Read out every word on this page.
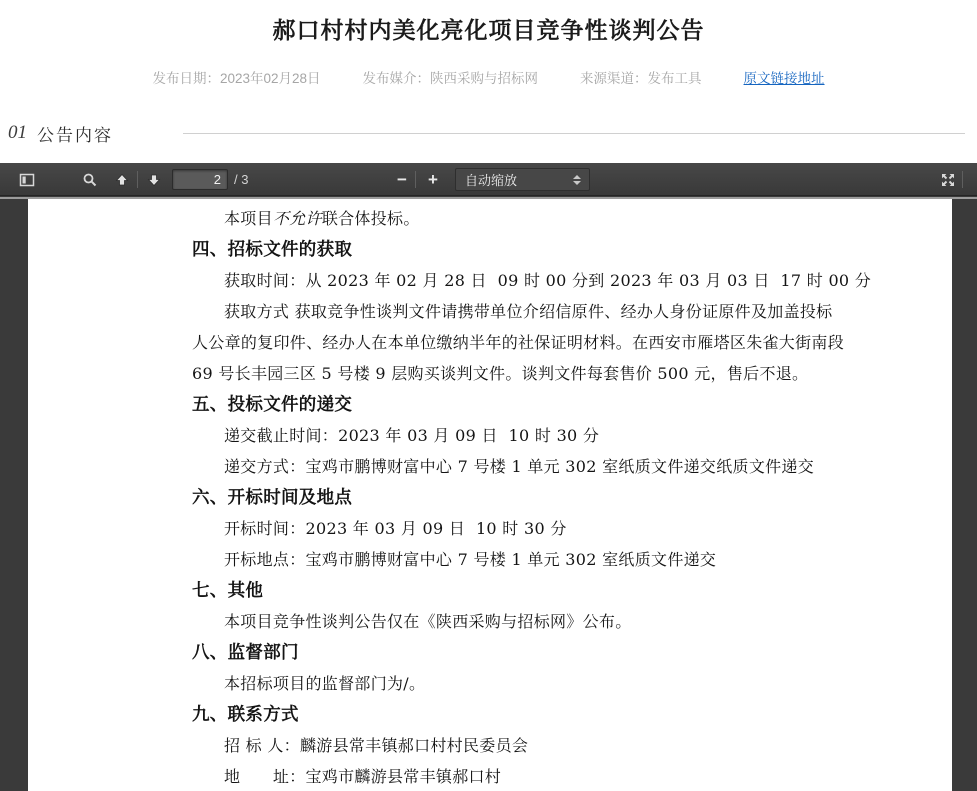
郝口村村内美化亮化项目竞争性谈判公告
发布日期：2023年02月28日	发布媒介：陕西采购与招标网	来源渠道：发布工具	原文链接地址
01 公告内容
2
/ 3	− +	自动缩放
本项目不允许联合体投标。
四、招标文件的获取
获取时间：从 2023 年 02 月 28 日  09 时 00 分到 2023 年 03 月 03 日  17 时 00 分
获取方式 获取竞争性谈判文件请携带单位介绍信原件、经办人身份证原件及加盖投标
人公章的复印件、经办人在本单位缴纳半年的社保证明材料。在西安市雁塔区朱雀大街南段
69 号长丰园三区 5 号楼 9 层购买谈判文件。谈判文件每套售价 500 元，售后不退。
五、投标文件的递交
递交截止时间：2023 年 03 月 09 日  10 时 30 分
递交方式：宝鸡市鹏博财富中心 7 号楼 1 单元 302 室纸质文件递交纸质文件递交
六、开标时间及地点
开标时间：2023 年 03 月 09 日  10 时 30 分
开标地点：宝鸡市鹏博财富中心 7 号楼 1 单元 302 室纸质文件递交
七、其他
本项目竞争性谈判公告仅在《陕西采购与招标网》公布。
八、监督部门
本招标项目的监督部门为/。
九、联系方式
招 标 人：麟游县常丰镇郝口村村民委员会
地　　址：宝鸡市麟游县常丰镇郝口村
